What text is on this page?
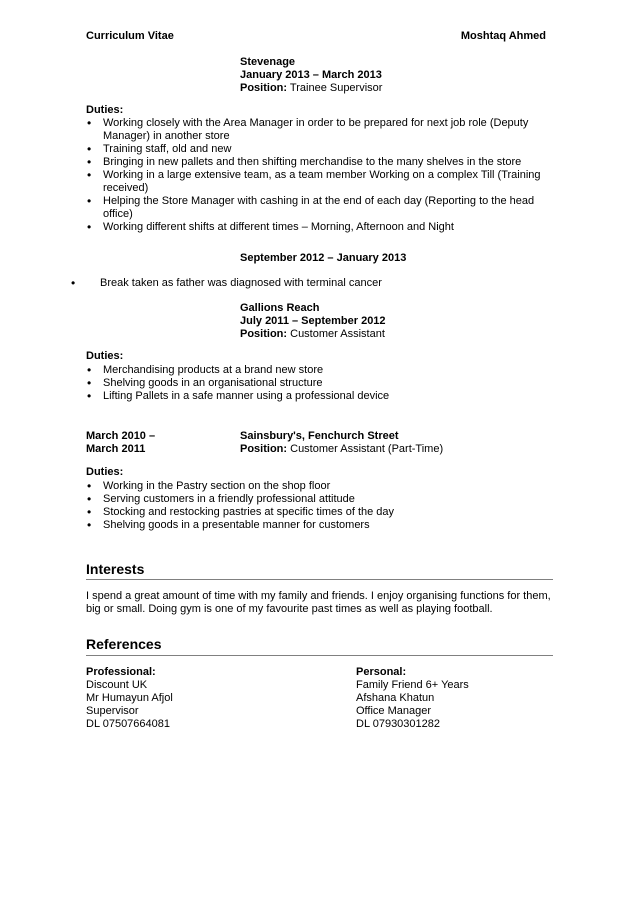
Curriculum Vitae	Moshtaq Ahmed
Stevenage
January 2013 – March 2013
Position: Trainee Supervisor
Duties:
• Working closely with the Area Manager in order to be prepared for next job role (Deputy Manager) in another store
• Training staff, old and new
• Bringing in new pallets and then shifting merchandise to the many shelves in the store
• Working in a large extensive team, as a team member Working on a complex Till (Training received)
• Helping the Store Manager with cashing in at the end of each day (Reporting to the head office)
• Working different shifts at different times – Morning, Afternoon and Night
September 2012 – January 2013
• Break taken as father was diagnosed with terminal cancer
Gallions Reach
July 2011 – September 2012
Position: Customer Assistant
Duties:
• Merchandising products at a brand new store
• Shelving goods in an organisational structure
• Lifting Pallets in a safe manner using a professional device
March 2010 –
March 2011
Sainsbury's, Fenchurch Street
Position: Customer Assistant (Part-Time)
Duties:
• Working in the Pastry section on the shop floor
• Serving customers in a friendly professional attitude
• Stocking and restocking pastries at specific times of the day
• Shelving goods in a presentable manner for customers
Interests
I spend a great amount of time with my family and friends. I enjoy organising functions for them, big or small. Doing gym is one of my favourite past times as well as playing football.
References
Professional:
Discount UK
Mr Humayun Afjol
Supervisor
DL 07507664081
Personal:
Family Friend 6+ Years
Afshana Khatun
Office Manager
DL 07930301282
